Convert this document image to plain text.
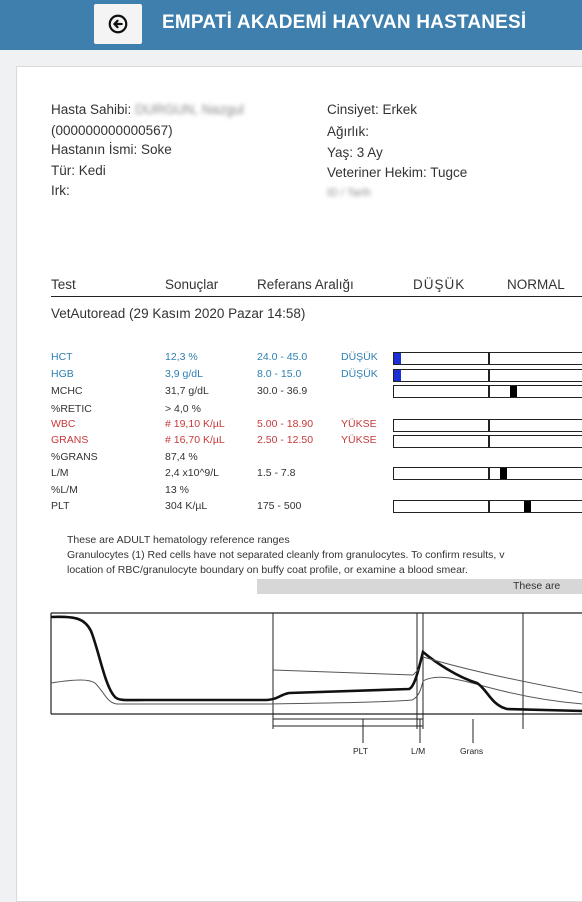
EMPATİ AKADEMİ HAYVAN HASTANESİ
Hasta Sahibi: DURGUN, Nazgul
(000000000000567)
Hastanın İsmi: Soke
Tür: Kedi
Irk:
Cinsiyet: Erkek
Ağırlık:
Yaş: 3 Ay
Veteriner Hekim: Tugce
ID / Tarih
Test	Sonuçlar	Referans Aralığı	DÜŞÜK	NORMAL
VetAutoread (29 Kasım 2020 Pazar 14:58)
HCT	12,3 %	24.0 - 45.0	DÜŞÜK
HGB	3,9 g/dL	8.0 - 15.0	DÜŞÜK
MCHC	31,7 g/dL	30.0 - 36.9
%RETIC	> 4,0 %
WBC	# 19,10 K/µL	5.00 - 18.90	YÜKSE
GRANS	# 16,70 K/µL	2.50 - 12.50	YÜKSE
%GRANS	87,4 %
L/M	2,4 x10^9/L	1.5 - 7.8
%L/M	13 %
PLT	304 K/µL	175 - 500
These are ADULT hematology reference ranges
Granulocytes (1) Red cells have not separated cleanly from granulocytes. To confirm results, v
location of RBC/granulocyte boundary on buffy coat profile, or examine a blood smear.
These are
PLT	L/M	Grans
